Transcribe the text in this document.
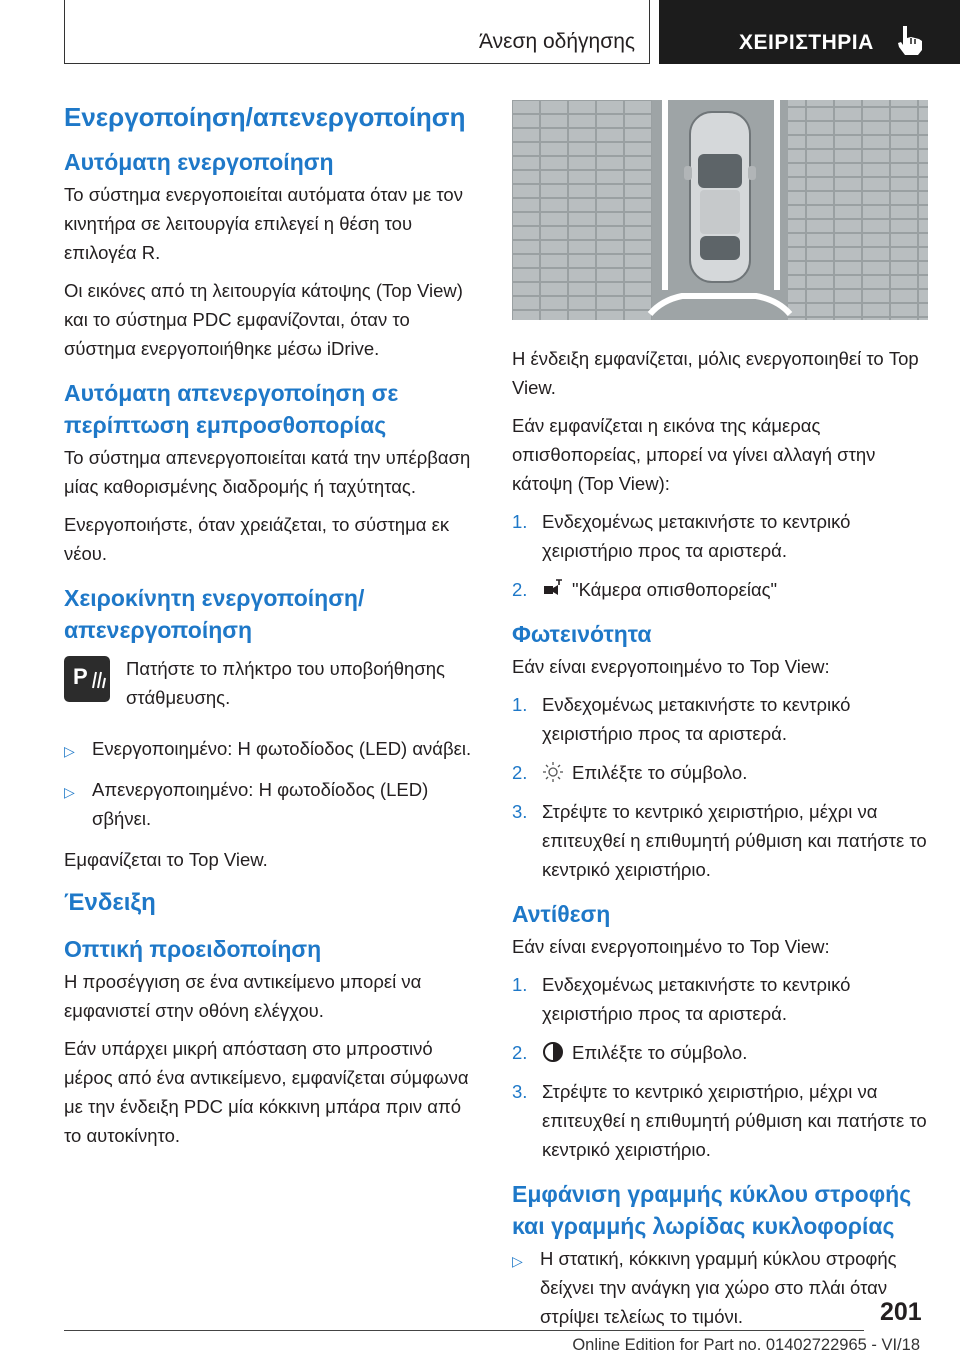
Άνεση οδήγησης	ΧΕΙΡΙΣΤΗΡΙΑ
Ενεργοποίηση/απενεργοποίηση
Αυτόματη ενεργοποίηση

Το σύστημα ενεργοποιείται αυτόματα όταν με τον κινητήρα σε λειτουργία επιλεγεί η θέση του επιλογέα R.

Οι εικόνες από τη λειτουργία κάτοψης (Top View) και το σύστημα PDC εμφανίζονται, όταν το σύστημα ενεργοποιήθηκε μέσω iDrive.

Αυτόματη απενεργοποίηση σε περίπτωση εμπροσθοπορίας

Το σύστημα απενεργοποιείται κατά την υπέρβαση μίας καθορισμένης διαδρομής ή ταχύτητας.

Ενεργοποιήστε, όταν χρειάζεται, το σύστημα εκ νέου.

Χειροκίνητη ενεργοποίηση/απενεργοποίηση
P Πατήστε το πλήκτρο του υποβοήθησης στάθμευσης.

▷ Ενεργοποιημένο: Η φωτοδίοδος (LED) ανάβει.
▷ Απενεργοποιημένο: Η φωτοδίοδος (LED) σβήνει.

Εμφανίζεται το Top View.

Ένδειξη
Οπτική προειδοποίηση

Η προσέγγιση σε ένα αντικείμενο μπορεί να εμφανιστεί στην οθόνη ελέγχου.

Εάν υπάρχει μικρή απόσταση στο μπροστινό μέρος από ένα αντικείμενο, εμφανίζεται σύμφωνα με την ένδειξη PDC μία κόκκινη μπάρα πριν από το αυτοκίνητο.

Η ένδειξη εμφανίζεται, μόλις ενεργοποιηθεί το Top View.

Εάν εμφανίζεται η εικόνα της κάμερας οπισθοπορείας, μπορεί να γίνει αλλαγή στην κάτοψη (Top View):

1. Ενδεχομένως μετακινήστε το κεντρικό χειριστήριο προς τα αριστερά.
2. "Κάμερα οπισθοπορείας"
Φωτεινότητα

Εάν είναι ενεργοποιημένο το Top View:

1. Ενδεχομένως μετακινήστε το κεντρικό χειριστήριο προς τα αριστερά.
2. Επιλέξτε το σύμβολο.
3. Στρέψτε το κεντρικό χειριστήριο, μέχρι να επιτευχθεί η επιθυμητή ρύθμιση και πατήστε το κεντρικό χειριστήριο.
Αντίθεση

Εάν είναι ενεργοποιημένο το Top View:

1. Ενδεχομένως μετακινήστε το κεντρικό χειριστήριο προς τα αριστερά.
2. Επιλέξτε το σύμβολο.
3. Στρέψτε το κεντρικό χειριστήριο, μέχρι να επιτευχθεί η επιθυμητή ρύθμιση και πατήστε το κεντρικό χειριστήριο.
Εμφάνιση γραμμής κύκλου στροφής και γραμμής λωρίδας κυκλοφορίας
▷ Η στατική, κόκκινη γραμμή κύκλου στροφής δείχνει την ανάγκη για χώρο στο πλάι όταν στρίψει τελείως το τιμόνι.	201
Online Edition for Part no. 01402722965 - VI/18
